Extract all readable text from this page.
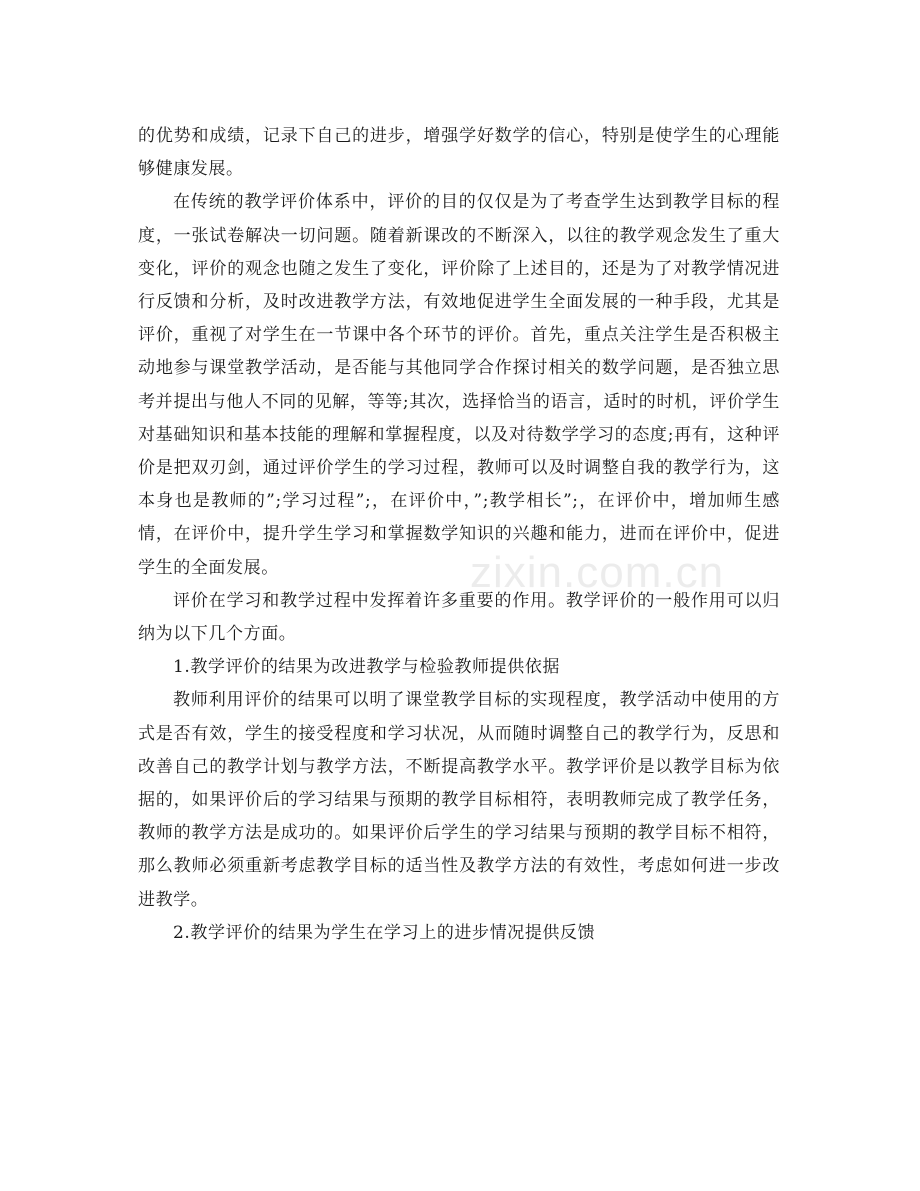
的优势和成绩，记录下自己的进步，增强学好数学的信心，特别是使学生的心理能够健康发展。

在传统的教学评价体系中，评价的目的仅仅是为了考查学生达到教学目标的程度，一张试卷解决一切问题。随着新课改的不断深入，以往的教学观念发生了重大变化，评价的观念也随之发生了变化，评价除了上述目的，还是为了对教学情况进行反馈和分析，及时改进教学方法，有效地促进学生全面发展的一种手段，尤其是评价，重视了对学生在一节课中各个环节的评价。首先，重点关注学生是否积极主动地参与课堂教学活动，是否能与其他同学合作探讨相关的数学问题，是否独立思考并提出与他人不同的见解，等等;其次，选择恰当的语言，适时的时机，评价学生对基础知识和基本技能的理解和掌握程度，以及对待数学学习的态度;再有，这种评价是把双刃剑，通过评价学生的学习过程，教师可以及时调整自我的教学行为，这本身也是教师的”;学习过程”;，在评价中，”;教学相长”;，在评价中，增加师生感情，在评价中，提升学生学习和掌握数学知识的兴趣和能力，进而在评价中，促进学生的全面发展。

评价在学习和教学过程中发挥着许多重要的作用。教学评价的一般作用可以归纳为以下几个方面。

1.教学评价的结果为改进教学与检验教师提供依据

教师利用评价的结果可以明了课堂教学目标的实现程度，教学活动中使用的方式是否有效，学生的接受程度和学习状况，从而随时调整自己的教学行为，反思和改善自己的教学计划与教学方法，不断提高教学水平。教学评价是以教学目标为依据的，如果评价后的学习结果与预期的教学目标相符，表明教师完成了教学任务，教师的教学方法是成功的。如果评价后学生的学习结果与预期的教学目标不相符，那么教师必须重新考虑教学目标的适当性及教学方法的有效性，考虑如何进一步改进教学。

2.教学评价的结果为学生在学习上的进步情况提供反馈

zixin.com.cn
